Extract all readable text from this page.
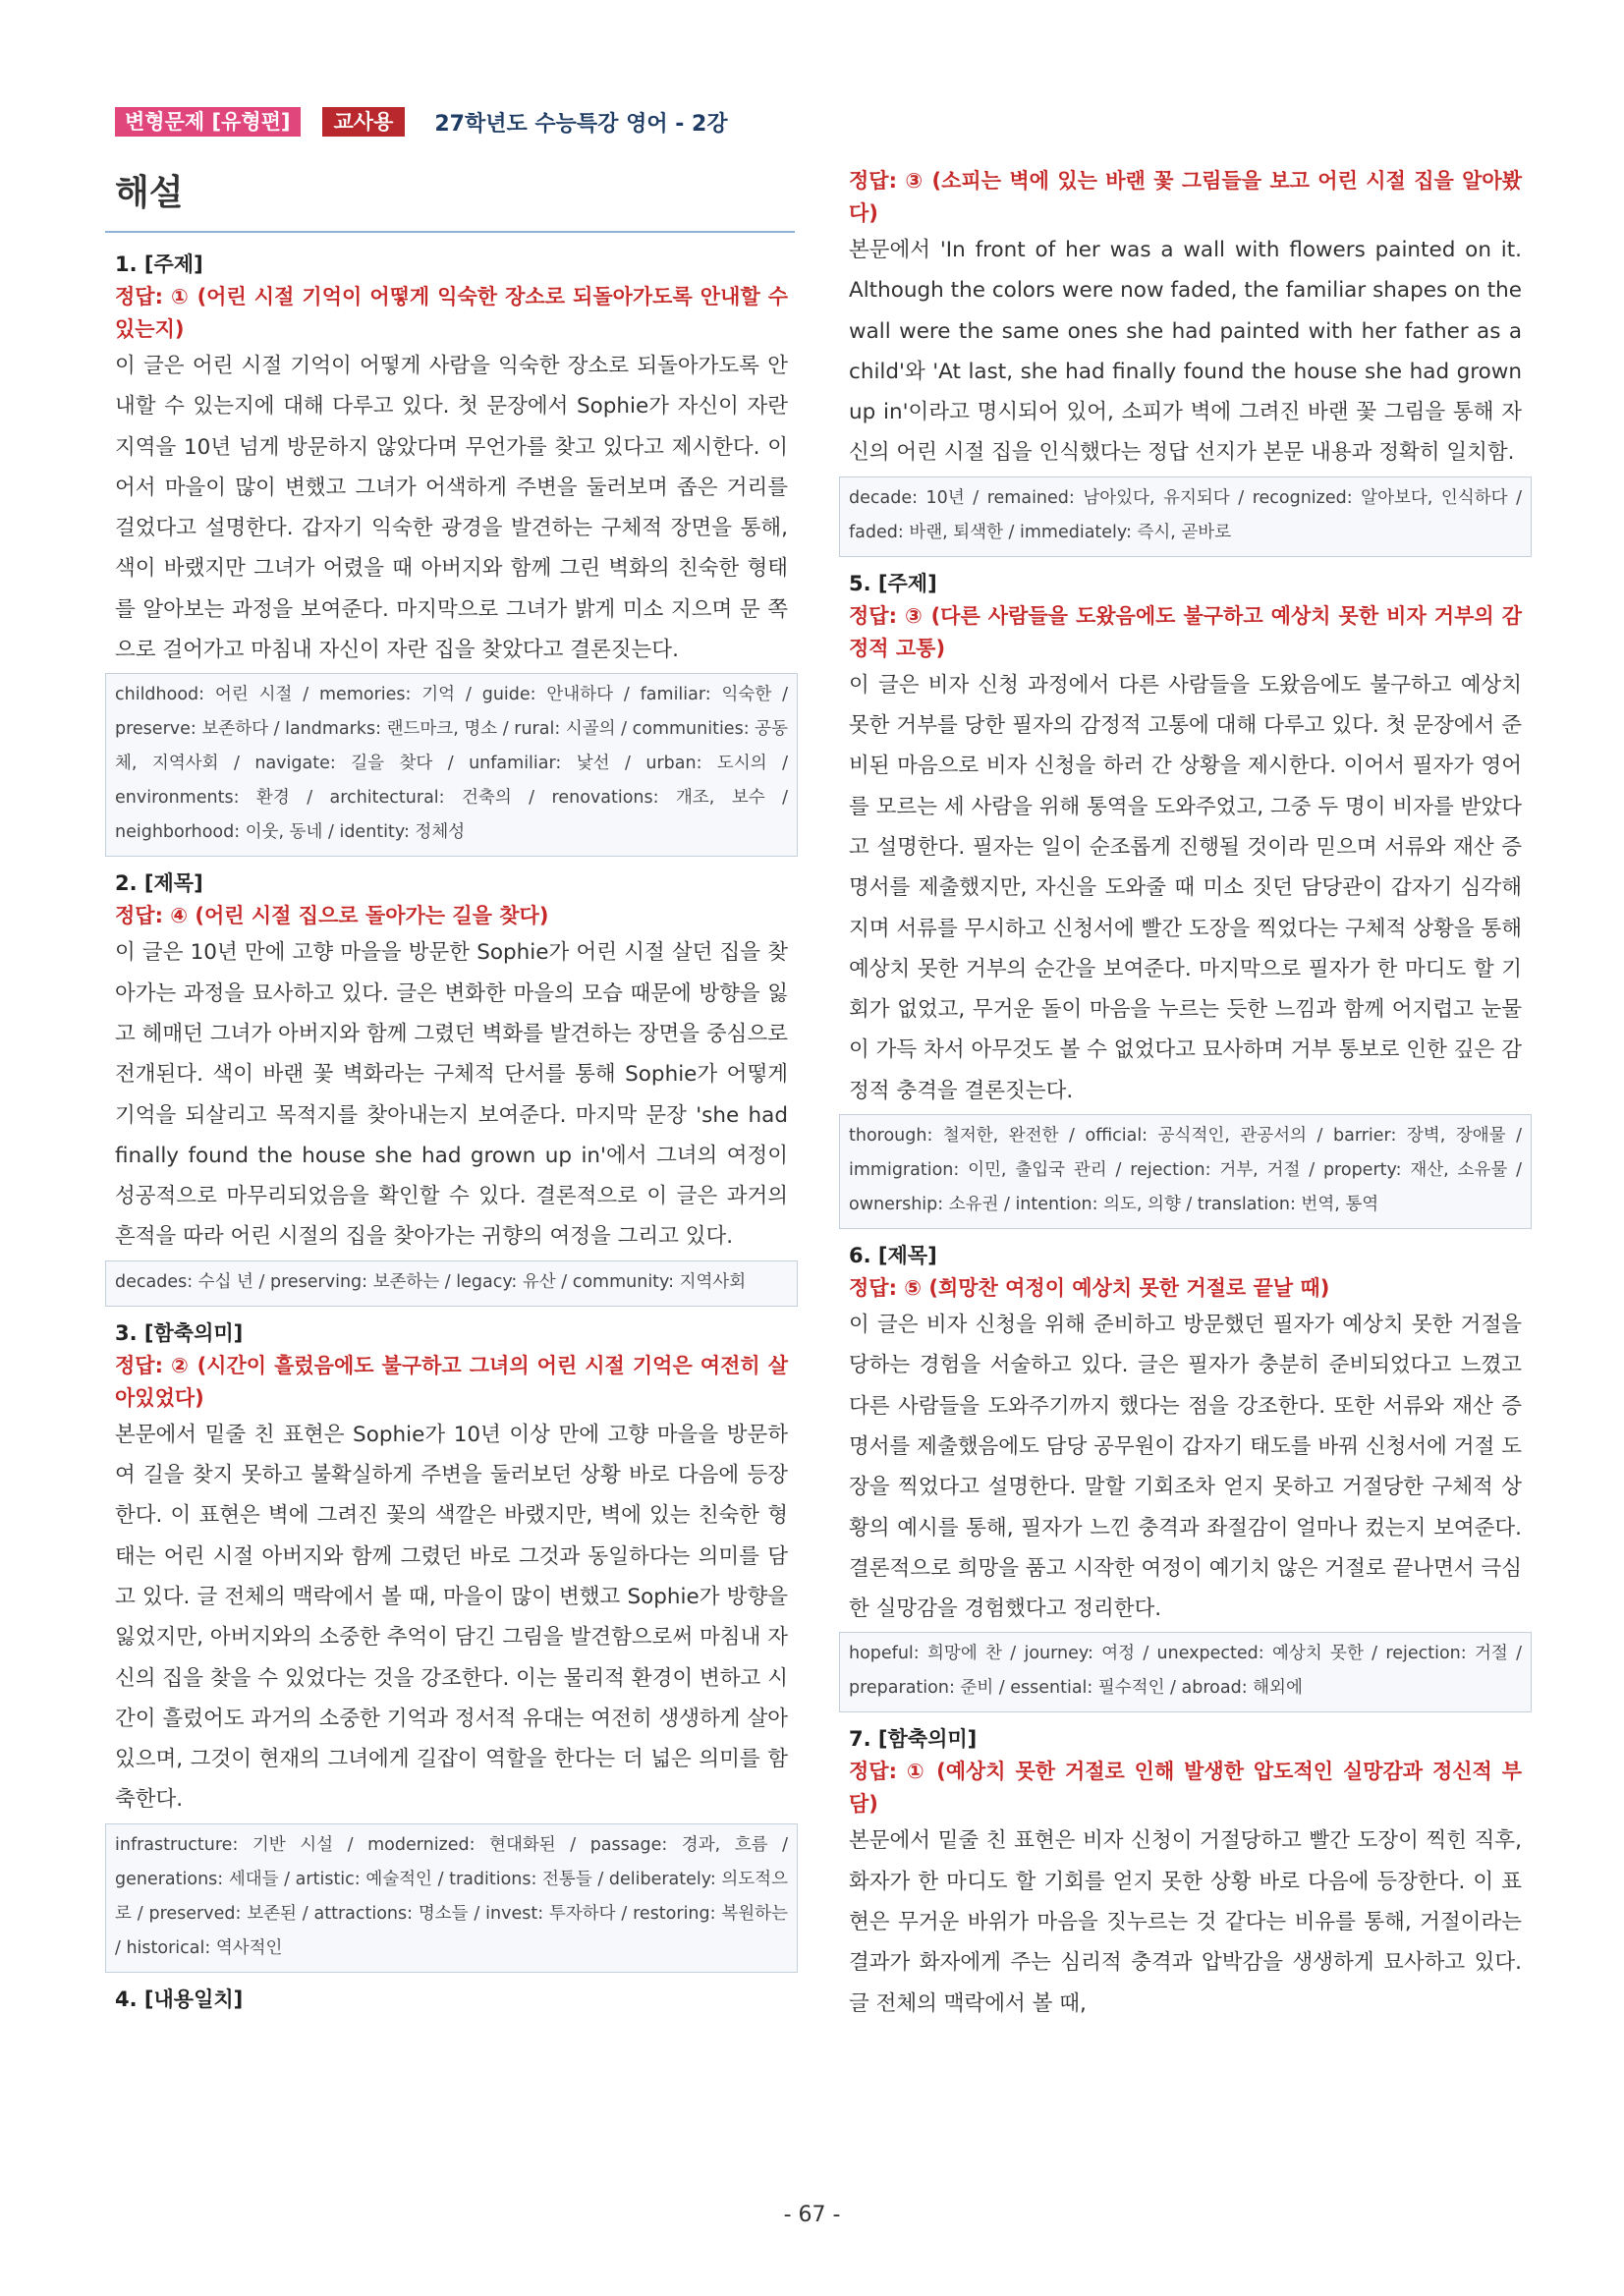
변형문제 [유형편]	교사용	27학년도 수능특강 영어 - 2강
해설
1. [주제]
정답: ① (어린 시절 기억이 어떻게 익숙한 장소로 되돌아가도록 안내할 수 있는지)
이 글은 어린 시절 기억이 어떻게 사람을 익숙한 장소로 되돌아가도록 안내할 수 있는지에 대해 다루고 있다. 첫 문장에서 Sophie가 자신이 자란 지역을 10년 넘게 방문하지 않았다며 무언가를 찾고 있다고 제시한다. 이어서 마을이 많이 변했고 그녀가 어색하게 주변을 둘러보며 좁은 거리를 걸었다고 설명한다. 갑자기 익숙한 광경을 발견하는 구체적 장면을 통해, 색이 바랬지만 그녀가 어렸을 때 아버지와 함께 그린 벽화의 친숙한 형태를 알아보는 과정을 보여준다. 마지막으로 그녀가 밝게 미소 지으며 문 쪽으로 걸어가고 마침내 자신이 자란 집을 찾았다고 결론짓는다.
childhood: 어린 시절 / memories: 기억 / guide: 안내하다 / familiar: 익숙한 / preserve: 보존하다 / landmarks: 랜드마크, 명소 / rural: 시골의 / communities: 공동체, 지역사회 / navigate: 길을 찾다 / unfamiliar: 낯선 / urban: 도시의 / environments: 환경 / architectural: 건축의 / renovations: 개조, 보수 / neighborhood: 이웃, 동네 / identity: 정체성
2. [제목]
정답: ④ (어린 시절 집으로 돌아가는 길을 찾다)
이 글은 10년 만에 고향 마을을 방문한 Sophie가 어린 시절 살던 집을 찾아가는 과정을 묘사하고 있다. 글은 변화한 마을의 모습 때문에 방향을 잃고 헤매던 그녀가 아버지와 함께 그렸던 벽화를 발견하는 장면을 중심으로 전개된다. 색이 바랜 꽃 벽화라는 구체적 단서를 통해 Sophie가 어떻게 기억을 되살리고 목적지를 찾아내는지 보여준다. 마지막 문장 'she had finally found the house she had grown up in'에서 그녀의 여정이 성공적으로 마무리되었음을 확인할 수 있다. 결론적으로 이 글은 과거의 흔적을 따라 어린 시절의 집을 찾아가는 귀향의 여정을 그리고 있다.
decades: 수십 년 / preserving: 보존하는 / legacy: 유산 / community: 지역사회
3. [함축의미]
정답: ② (시간이 흘렀음에도 불구하고 그녀의 어린 시절 기억은 여전히 살아있었다)
본문에서 밑줄 친 표현은 Sophie가 10년 이상 만에 고향 마을을 방문하여 길을 찾지 못하고 불확실하게 주변을 둘러보던 상황 바로 다음에 등장한다. 이 표현은 벽에 그려진 꽃의 색깔은 바랬지만, 벽에 있는 친숙한 형태는 어린 시절 아버지와 함께 그렸던 바로 그것과 동일하다는 의미를 담고 있다. 글 전체의 맥락에서 볼 때, 마을이 많이 변했고 Sophie가 방향을 잃었지만, 아버지와의 소중한 추억이 담긴 그림을 발견함으로써 마침내 자신의 집을 찾을 수 있었다는 것을 강조한다. 이는 물리적 환경이 변하고 시간이 흘렀어도 과거의 소중한 기억과 정서적 유대는 여전히 생생하게 살아있으며, 그것이 현재의 그녀에게 길잡이 역할을 한다는 더 넓은 의미를 함축한다.
infrastructure: 기반 시설 / modernized: 현대화된 / passage: 경과, 흐름 / generations: 세대들 / artistic: 예술적인 / traditions: 전통들 / deliberately: 의도적으로 / preserved: 보존된 / attractions: 명소들 / invest: 투자하다 / restoring: 복원하는 / historical: 역사적인
4. [내용일치]
정답: ③ (소피는 벽에 있는 바랜 꽃 그림들을 보고 어린 시절 집을 알아봤다)
본문에서 'In front of her was a wall with flowers painted on it. Although the colors were now faded, the familiar shapes on the wall were the same ones she had painted with her father as a child'와 'At last, she had finally found the house she had grown up in'이라고 명시되어 있어, 소피가 벽에 그려진 바랜 꽃 그림을 통해 자신의 어린 시절 집을 인식했다는 정답 선지가 본문 내용과 정확히 일치함.
decade: 10년 / remained: 남아있다, 유지되다 / recognized: 알아보다, 인식하다 / faded: 바랜, 퇴색한 / immediately: 즉시, 곧바로
5. [주제]
정답: ③ (다른 사람들을 도왔음에도 불구하고 예상치 못한 비자 거부의 감정적 고통)
이 글은 비자 신청 과정에서 다른 사람들을 도왔음에도 불구하고 예상치 못한 거부를 당한 필자의 감정적 고통에 대해 다루고 있다. 첫 문장에서 준비된 마음으로 비자 신청을 하러 간 상황을 제시한다. 이어서 필자가 영어를 모르는 세 사람을 위해 통역을 도와주었고, 그중 두 명이 비자를 받았다고 설명한다. 필자는 일이 순조롭게 진행될 것이라 믿으며 서류와 재산 증명서를 제출했지만, 자신을 도와줄 때 미소 짓던 담당관이 갑자기 심각해지며 서류를 무시하고 신청서에 빨간 도장을 찍었다는 구체적 상황을 통해 예상치 못한 거부의 순간을 보여준다. 마지막으로 필자가 한 마디도 할 기회가 없었고, 무거운 돌이 마음을 누르는 듯한 느낌과 함께 어지럽고 눈물이 가득 차서 아무것도 볼 수 없었다고 묘사하며 거부 통보로 인한 깊은 감정적 충격을 결론짓는다.
thorough: 철저한, 완전한 / official: 공식적인, 관공서의 / barrier: 장벽, 장애물 / immigration: 이민, 출입국 관리 / rejection: 거부, 거절 / property: 재산, 소유물 / ownership: 소유권 / intention: 의도, 의향 / translation: 번역, 통역
6. [제목]
정답: ⑤ (희망찬 여정이 예상치 못한 거절로 끝날 때)
이 글은 비자 신청을 위해 준비하고 방문했던 필자가 예상치 못한 거절을 당하는 경험을 서술하고 있다. 글은 필자가 충분히 준비되었다고 느꼈고 다른 사람들을 도와주기까지 했다는 점을 강조한다. 또한 서류와 재산 증명서를 제출했음에도 담당 공무원이 갑자기 태도를 바꿔 신청서에 거절 도장을 찍었다고 설명한다. 말할 기회조차 얻지 못하고 거절당한 구체적 상황의 예시를 통해, 필자가 느낀 충격과 좌절감이 얼마나 컸는지 보여준다. 결론적으로 희망을 품고 시작한 여정이 예기치 않은 거절로 끝나면서 극심한 실망감을 경험했다고 정리한다.
hopeful: 희망에 찬 / journey: 여정 / unexpected: 예상치 못한 / rejection: 거절 / preparation: 준비 / essential: 필수적인 / abroad: 해외에
7. [함축의미]
정답: ① (예상치 못한 거절로 인해 발생한 압도적인 실망감과 정신적 부담)
본문에서 밑줄 친 표현은 비자 신청이 거절당하고 빨간 도장이 찍힌 직후, 화자가 한 마디도 할 기회를 얻지 못한 상황 바로 다음에 등장한다. 이 표현은 무거운 바위가 마음을 짓누르는 것 같다는 비유를 통해, 거절이라는 결과가 화자에게 주는 심리적 충격과 압박감을 생생하게 묘사하고 있다. 글 전체의 맥락에서 볼 때,
- 67 -
